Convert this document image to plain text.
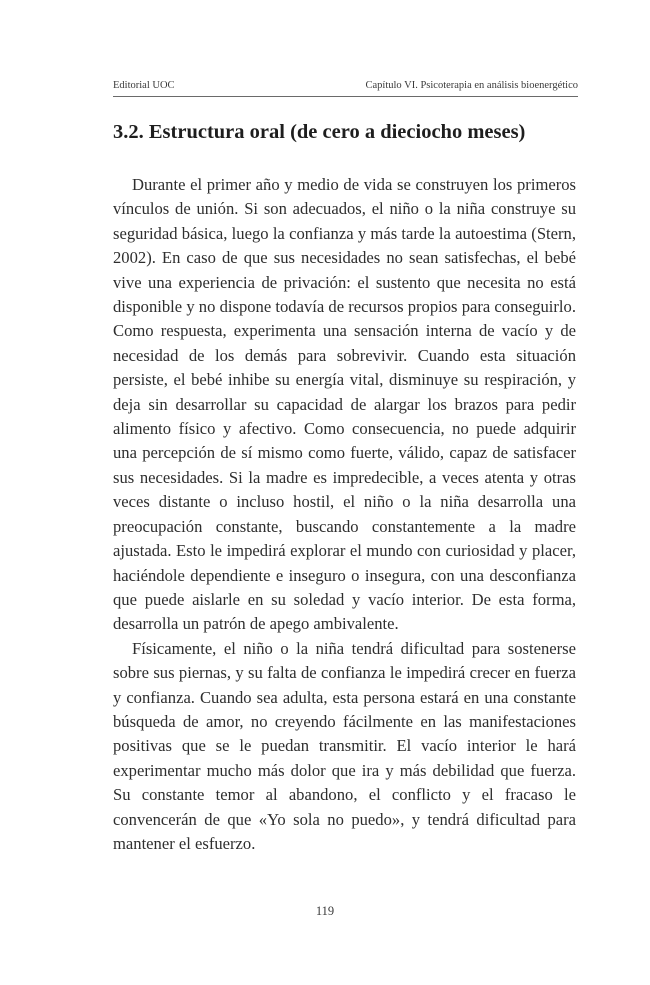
Editorial UOC	Capítulo VI. Psicoterapia en análisis bioenergético
3.2. Estructura oral (de cero a dieciocho meses)

Durante el primer año y medio de vida se construyen los primeros vínculos de unión. Si son adecuados, el niño o la niña construye su seguridad básica, luego la confianza y más tarde la autoestima (Stern, 2002). En caso de que sus necesidades no sean satisfechas, el bebé vive una experiencia de privación: el sustento que necesita no está disponible y no dispone todavía de recursos propios para conseguirlo. Como respuesta, experimenta una sensación interna de vacío y de necesidad de los demás para sobrevivir. Cuando esta situación persiste, el bebé inhibe su energía vital, disminuye su respiración, y deja sin desarrollar su capacidad de alargar los brazos para pedir alimento físico y afectivo. Como consecuencia, no puede adquirir una percepción de sí mismo como fuerte, válido, capaz de satisfacer sus necesidades. Si la madre es impredecible, a veces atenta y otras veces distante o incluso hostil, el niño o la niña desarrolla una preocupación constante, buscando constantemente a la madre ajustada. Esto le impedirá explorar el mundo con curiosidad y placer, haciéndole dependiente e inseguro o insegura, con una desconfianza que puede aislarle en su soledad y vacío interior. De esta forma, desarrolla un patrón de apego ambivalente.

Físicamente, el niño o la niña tendrá dificultad para sostenerse sobre sus piernas, y su falta de confianza le impedirá crecer en fuerza y confianza. Cuando sea adulta, esta persona estará en una constante búsqueda de amor, no creyendo fácilmente en las manifestaciones positivas que se le puedan transmitir. El vacío interior le hará experimentar mucho más dolor que ira y más debilidad que fuerza. Su constante temor al abandono, el conflicto y el fracaso le convencerán de que «Yo sola no puedo», y tendrá dificultad para mantener el esfuerzo.

119
